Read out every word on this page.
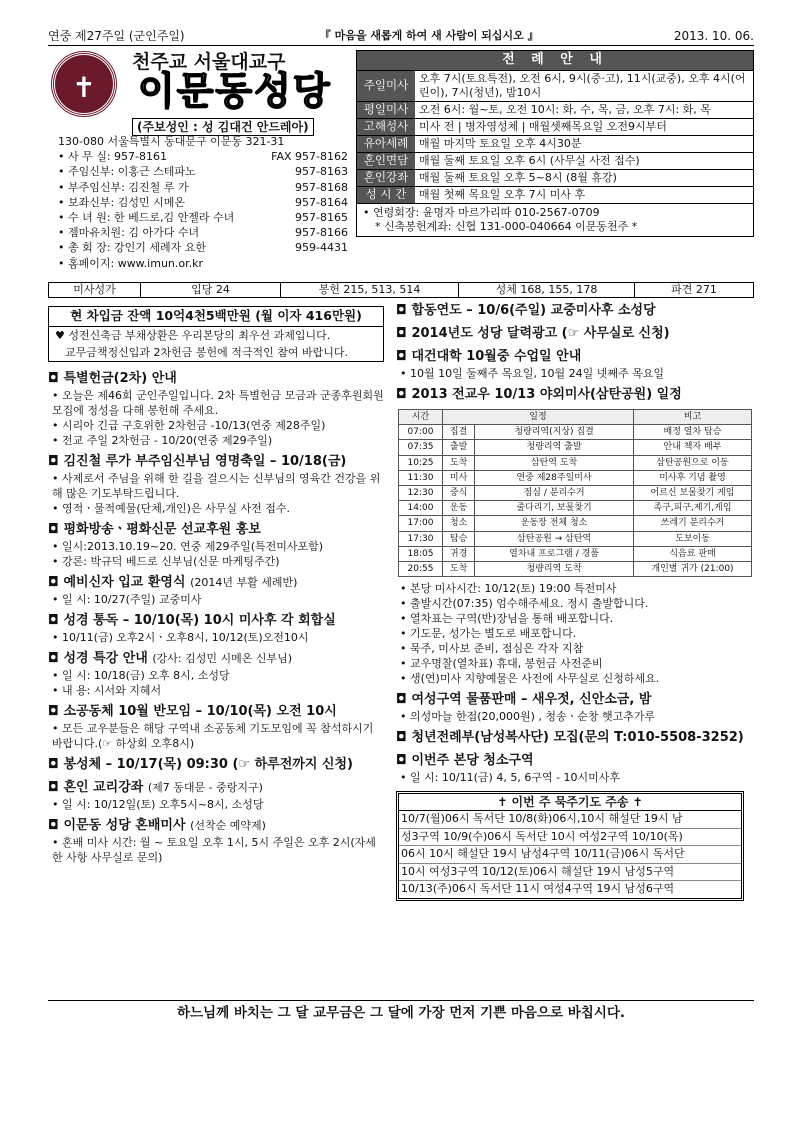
연중 제27주일 (군인주일)	『 마음을 새롭게 하여 새 사람이 되십시오 』	2013. 10. 06.
✝
천주교 서울대교구
이문동성당
(주보성인 : 성 김대건 안드레아)
130-080 서울특별시 동대문구 이문동 321-31
• 사 무 실: 957-8161	FAX 957-8162
• 주임신부: 이홍근 스테파노	957-8163
• 부주임신부: 김진철 루 가	957-8168
• 보좌신부: 김성민 시메온	957-8164
• 수 녀 원: 한 베드로,김 안젤라 수녀	957-8165
• 젬마유치원: 김 아가다 수녀	957-8166
• 총 회 장: 강인기 세례자 요한	959-4431
• 홈페이지: www.imun.or.kr
전 례 안 내
주일미사 오후 7시(토요특전), 오전 6시, 9시(중·고), 11시(교중), 오후 4시(어린이), 7시(청년), 밤10시
평일미사 오전 6시: 월~토, 오전 10시: 화, 수, 목, 금, 오후 7시: 화, 목
고해성사 미사 전 | 병자영성체 | 매월셋째목요일 오전9시부터
유아세례 매월 마지막 토요일 오후 4시30분
혼인면담 매월 둘째 토요일 오후 6시 (사무실 사전 접수)
혼인강좌 매월 둘째 토요일 오후 5~8시 (8월 휴강)
성 시 간	매월 첫째 목요일 오후 7시 미사 후
• 연령회장: 윤명자 마르가리따 010-2567-0709
* 신축봉헌계좌: 신협 131-000-040664 이문동천주 *
미사성가	입당 24	봉헌 215, 513, 514	성체 168, 155, 178	파견 271
현 차입금 잔액 10억4천5백만원 (월 이자 416만원)

♥ 성전신축금 부채상환은 우리본당의 최우선 과제입니다.

교무금책정신입과 2차헌금 봉헌에 적극적인 참여 바랍니다.

◘ 특별헌금(2차) 안내

• 오늘은 제46회 군인주일입니다. 2차 특별헌금 모금과 군종후원회원모집에 정성을 다해 봉헌해 주세요.

• 시리아 긴급 구호위한 2차헌금 -10/13(연중 제28주일)

• 전교 주일 2차헌금 - 10/20(연중 제29주일)

◘ 김진철 루가 부주임신부님 영명축일 – 10/18(금)

• 사제로서 주님을 위해 한 길을 걸으시는 신부님의 영육간 건강을 위해 많은 기도부탁드립니다.

• 영적ㆍ물적예물(단체,개인)은 사무실 사전 접수.

◘ 평화방송ㆍ평화신문 선교후원 홍보

• 일시:2013.10.19~20. 연중 제29주일(특전미사포함)

• 강론: 박규덕 베드로 신부님(신문 마케팅주간)

◘ 예비신자 입교 환영식 (2014년 부활 세례반)

• 일 시: 10/27(주일) 교중미사

◘ 성경 통독 – 10/10(목) 10시 미사후 각 회합실

• 10/11(금) 오후2시ㆍ오후8시, 10/12(토)오전10시

◘ 성경 특강 안내 (강사: 김성민 시메온 신부님)

• 일 시: 10/18(금) 오후 8시, 소성당

• 내 용: 시서와 지혜서

◘ 소공동체 10월 반모임 – 10/10(목) 오전 10시

• 모든 교우분들은 해당 구역내 소공동체 기도모임에 꼭 참석하시기 바랍니다.(☞ 하상회 오후8시)

◘ 봉성체 – 10/17(목) 09:30 (☞ 하루전까지 신청)
◘ 혼인 교리강좌 (제7 동대문 - 중랑지구)

• 일 시: 10/12일(토) 오후5시~8시, 소성당

◘ 이문동 성당 혼배미사 (선착순 예약제)

• 혼배 미사 시간: 월 ~ 토요일 오후 1시, 5시 주일은 오후 2시(자세한 사항 사무실로 문의)

◘ 합동연도 – 10/6(주일) 교중미사후 소성당
◘ 2014년도 성당 달력광고 (☞ 사무실로 신청)
◘ 대건대학 10월중 수업일 안내

• 10월 10일 둘째주 목요일, 10월 24일 넷째주 목요일

◘ 2013 전교우 10/13 야외미사(삼탄공원) 일정
시간	일정		비고
07:00	집결	청량리역(지상) 집결	배정 열차 탑승
07:35	출발	청량리역 출발	안내 책자 배부
10:25	도착	삼탄역 도착	삼탄공원으로 이동
11:30	미사	연중 제28주일미사	미사후 기념 촬영
12:30	중식	점심 / 분리수거	어르신 보물찾기 게임
14:00	운동	줄다리기, 보물찾기	족구,피구,제기,게임
17:00	청소	운동장 전체 청소	쓰레기 분리수거
17:30	탑승	삼탄공원 → 삼탄역	도보이동
18:05	귀경	열차내 프로그램 / 경품	식음료 판매
20:55	도착	청량리역 도착	개인별 귀가 (21:00)

• 본당 미사시간: 10/12(토) 19:00 특전미사

• 출발시간(07:35) 엄수해주세요. 정시 출발합니다.

• 열차표는 구역(반)장님을 통해 배포합니다.

• 기도문, 성가는 별도로 배포합니다.

• 묵주, 미사보 준비, 점심은 각자 지참

• 교우명찰(열차표) 휴대, 봉헌금 사전준비

• 생(연)미사 지향예물은 사전에 사무실로 신청하세요.

◘ 여성구역 물품판매 – 새우젓, 신안소금, 밤

• 의성마늘 한접(20,000원) , 청송ㆍ순창 햇고추가루

◘ 청년전례부(남성복사단) 모집(문의 T:010-5508-3252)
◘ 이번주 본당 청소구역

• 일 시: 10/11(금) 4, 5, 6구역 - 10시미사후

✝ 이번 주 묵주기도 주송 ✝
10/7(월)06시 독서단 10/8(화)06시,10시 해설단 19시 남
성3구역 10/9(수)06시 독서단 10시 여성2구역 10/10(목)
06시 10시 해설단 19시 남성4구역 10/11(금)06시 독서단
10시 여성3구역 10/12(토)06시 해설단 19시 남성5구역
10/13(주)06시 독서단 11시 여성4구역 19시 남성6구역
하느님께 바치는 그 달 교무금은 그 달에 가장 먼저 기쁜 마음으로 바칩시다.
